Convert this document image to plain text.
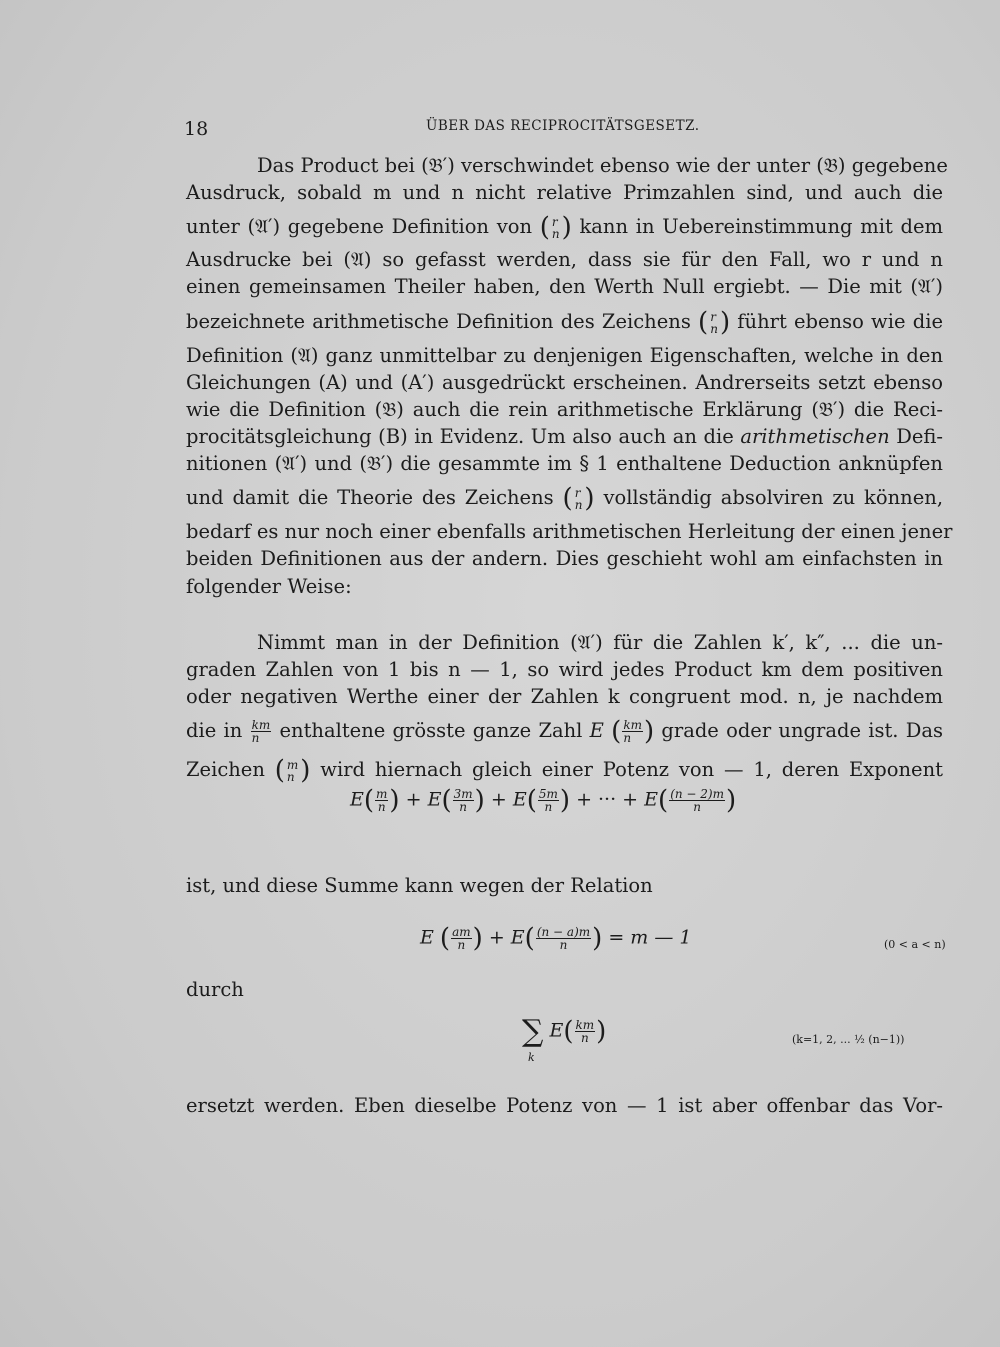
18	ÜBER DAS RECIPROCITÄTSGESETZ.
Das Product bei (𝔅′) verschwindet ebenso wie der unter (𝔅) gegebene
Ausdruck, sobald m und n nicht relative Primzahlen sind, und auch die
unter (𝔄′) gegebene Definition von ( r
n ) kann in Uebereinstimmung mit dem
Ausdrucke bei (𝔄) so gefasst werden, dass sie für den Fall, wo r und n
einen gemeinsamen Theiler haben, den Werth Null ergiebt. — Die mit (𝔄′)
bezeichnete arithmetische Definition des Zeichens ( r
n ) führt ebenso wie die
Definition (𝔄) ganz unmittelbar zu denjenigen Eigenschaften, welche in den
Gleichungen (A) und (A′) ausgedrückt erscheinen. Andrerseits setzt ebenso
wie die Definition (𝔅) auch die rein arithmetische Erklärung (𝔅′) die Reci-
procitätsgleichung (B) in Evidenz. Um also auch an die arithmetischen Defi-
nitionen (𝔄′) und (𝔅′) die gesammte im § 1 enthaltene Deduction anknüpfen
und damit die Theorie des Zeichens ( r
n ) vollständig absolviren zu können,
bedarf es nur noch einer ebenfalls arithmetischen Herleitung der einen jener
beiden Definitionen aus der andern. Dies geschieht wohl am einfachsten in
folgender Weise:
Nimmt man in der Definition (𝔄′) für die Zahlen k′, k″, ... die un-
graden Zahlen von 1 bis n — 1, so wird jedes Product km dem positiven
oder negativen Werthe einer der Zahlen k congruent mod. n, je nachdem
die in $\frac{km}{n}$ enthaltene grösste ganze Zahl E ( $\frac{km}{n}$ ) grade oder ungrade ist. Das
Zeichen ( m
n ) wird hiernach gleich einer Potenz von — 1, deren Exponent
$E( \frac{m}{n}$ ) + $E( \frac{3m}{n}$ ) + $E( \frac{5m}{n}$ ) + ··· + $E( \frac{(n - 2)m}{n}$ )
ist, und diese Summe kann wegen der Relation
E ( $\frac{am}{n}$ ) + $E( \frac{(n - a)m}{n}$ ) = m — 1	(0 < a < n)
durch
∑ $E( \frac{km}{n}$ )
k
(k=1, 2, ... ½ (n−1))
ersetzt werden. Eben dieselbe Potenz von — 1 ist aber offenbar das Vor-
